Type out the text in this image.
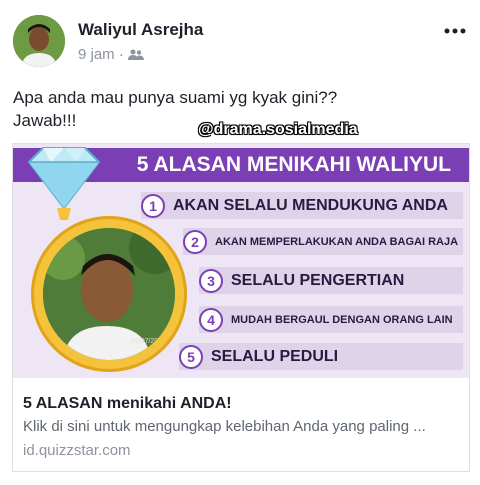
Waliyul Asrejha
9 jam ·
Apa anda mau punya suami yg kyak gini??
Jawab!!!	@drama.sosialmedia
5 ALASAN MENIKAHI WALIYUL
1	AKAN SELALU MENDUKUNG ANDA
2	AKAN MEMPERLAKUKAN ANDA BAGAI RAJA
3	SELALU PENGERTIAN
4	MUDAH BERGAUL DENGAN ORANG LAIN
5	SELALU PEDULI
02/07/2017
5 ALASAN menikahi ANDA!
Klik di sini untuk mengungkap kelebihan Anda yang paling ...
id.quizzstar.com
